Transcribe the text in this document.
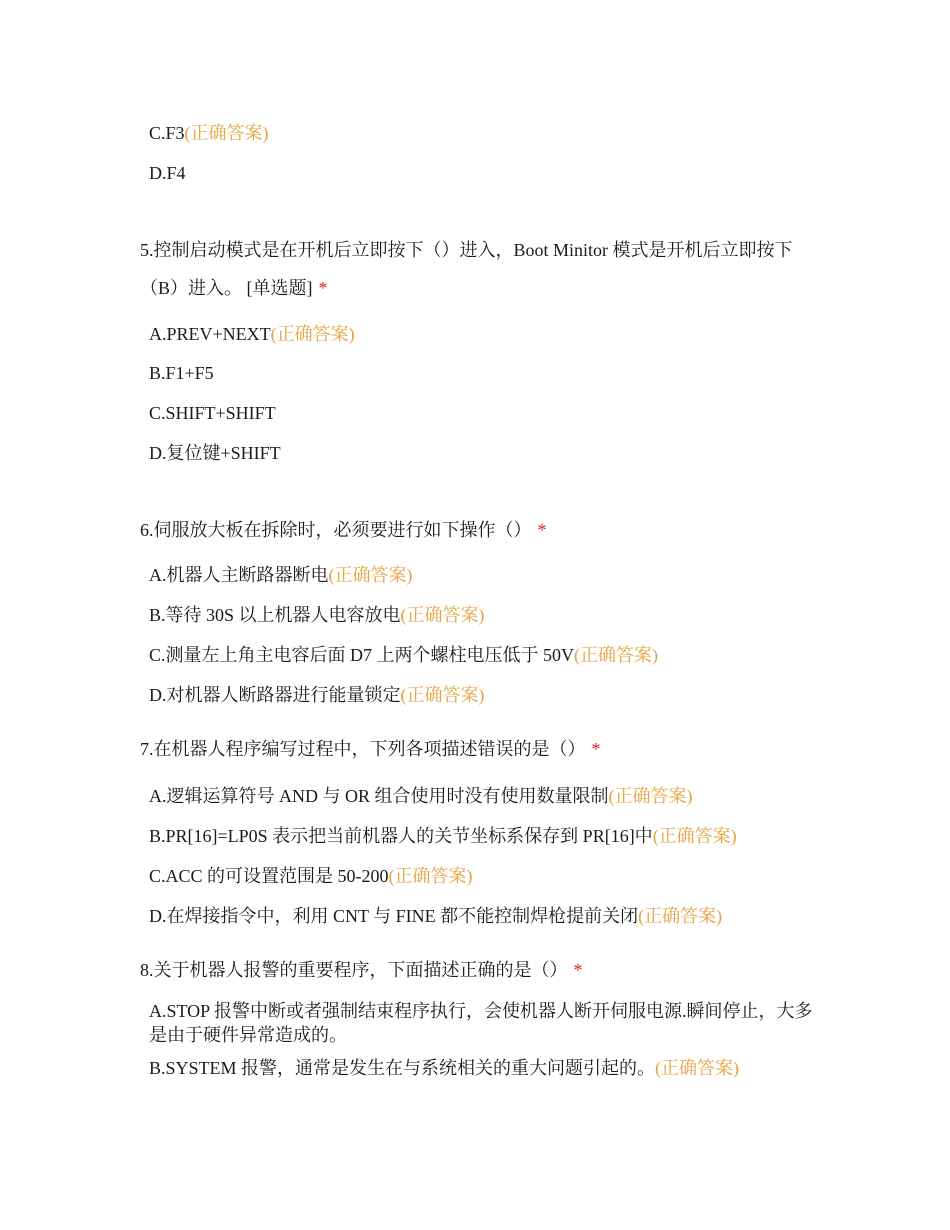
C.F3(正确答案)

D.F4

5.控制启动模式是在开机后立即按下（）进入，Boot Minitor 模式是开机后立即按下（B）进入。 [单选题] *

A.PREV+NEXT(正确答案)

B.F1+F5

C.SHIFT+SHIFT

D.复位键+SHIFT

6.伺服放大板在拆除时，必须要进行如下操作（） *

A.机器人主断路器断电(正确答案)

B.等待 30S 以上机器人电容放电(正确答案)

C.测量左上角主电容后面 D7 上两个螺柱电压低于 50V(正确答案)

D.对机器人断路器进行能量锁定(正确答案)

7.在机器人程序编写过程中，下列各项描述错误的是（） *

A.逻辑运算符号 AND 与 OR 组合使用时没有使用数量限制(正确答案)

B.PR[16]=LP0S 表示把当前机器人的关节坐标系保存到 PR[16]中(正确答案)

C.ACC 的可设置范围是 50-200(正确答案)

D.在焊接指令中，利用 CNT 与 FINE 都不能控制焊枪提前关闭(正确答案)

8.关于机器人报警的重要程序，下面描述正确的是（） *

A.STOP 报警中断或者强制结束程序执行，会使机器人断开伺服电源.瞬间停止，大多是由于硬件异常造成的。

B.SYSTEM 报警，通常是发生在与系统相关的重大问题引起的。(正确答案)
